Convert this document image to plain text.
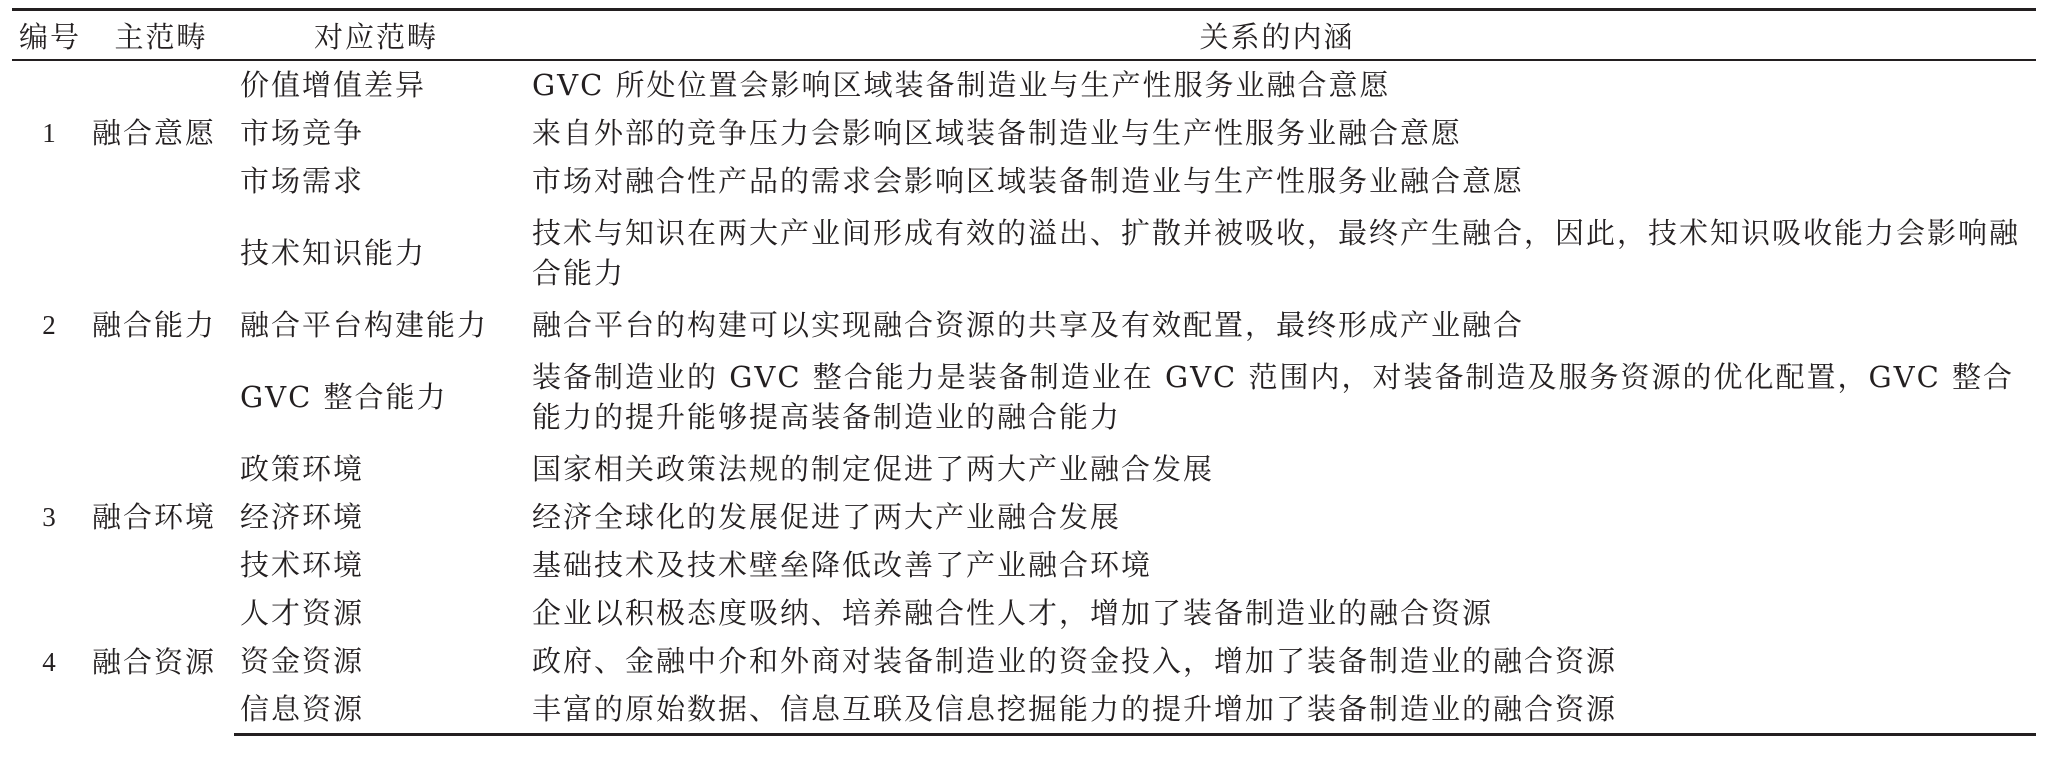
编号	主范畴	对应范畴	关系的内涵
1	融合意愿	价值增值差异	GVC 所处位置会影响区域装备制造业与生产性服务业融合意愿
		市场竞争	来自外部的竞争压力会影响区域装备制造业与生产性服务业融合意愿
		市场需求	市场对融合性产品的需求会影响区域装备制造业与生产性服务业融合意愿
2	融合能力	技术知识能力	技术与知识在两大产业间形成有效的溢出、扩散并被吸收，最终产生融合，因此，技术知识吸收能力会影响融合能力
		融合平台构建能力	融合平台的构建可以实现融合资源的共享及有效配置，最终形成产业融合
		GVC 整合能力	装备制造业的 GVC 整合能力是装备制造业在 GVC 范围内，对装备制造及服务资源的优化配置，GVC 整合能力的提升能够提高装备制造业的融合能力
3	融合环境	政策环境	国家相关政策法规的制定促进了两大产业融合发展
		经济环境	经济全球化的发展促进了两大产业融合发展
		技术环境	基础技术及技术壁垒降低改善了产业融合环境
4	融合资源	人才资源	企业以积极态度吸纳、培养融合性人才，增加了装备制造业的融合资源
		资金资源	政府、金融中介和外商对装备制造业的资金投入，增加了装备制造业的融合资源
		信息资源	丰富的原始数据、信息互联及信息挖掘能力的提升增加了装备制造业的融合资源
